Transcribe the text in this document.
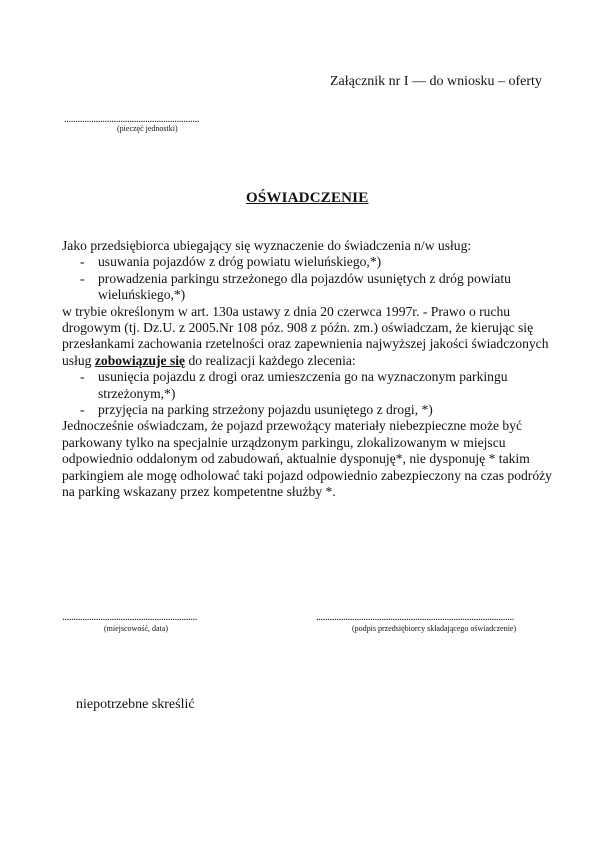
Załącznik nr I — do wniosku – oferty
............................................................
(pieczęć jednostki)
OŚWIADCZENIE

Jako przedsiębiorca ubiegający się wyznaczenie do świadczenia n/w usług:

- usuwania pojazdów z dróg powiatu wieluńskiego,*)

- prowadzenia parkingu strzeżonego dla pojazdów usuniętych z dróg powiatu wieluńskiego,*)

w trybie określonym w art. 130a ustawy z dnia 20 czerwca 1997r. - Prawo o ruchu drogowym (tj. Dz.U. z 2005.Nr 108 póz. 908 z późn. zm.) oświadczam, że kierując się przesłankami zachowania rzetelności oraz zapewnienia najwyższej jakości świadczonych usług zobowiązuje się do realizacji każdego zlecenia:

- usunięcia pojazdu z drogi oraz umieszczenia go na wyznaczonym parkingu strzeżonym,*)

- przyjęcia na parking strzeżony pojazdu usuniętego z drogi, *)

Jednocześnie oświadczam, że pojazd przewożący materiały niebezpieczne może być parkowany tylko na specjalnie urządzonym parkingu, zlokalizowanym w miejscu odpowiednio oddalonym od zabudowań, aktualnie dysponuję*, nie dysponuję * takim parkingiem ale mogę odholować taki pojazd odpowiednio zabezpieczony na czas podróży na parking wskazany przez kompetentne służby *.

............................................................
(miejscowość, data)
........................................................................................
(podpis przedsiębiorcy składającego oświadczenie)
niepotrzebne skreślić
